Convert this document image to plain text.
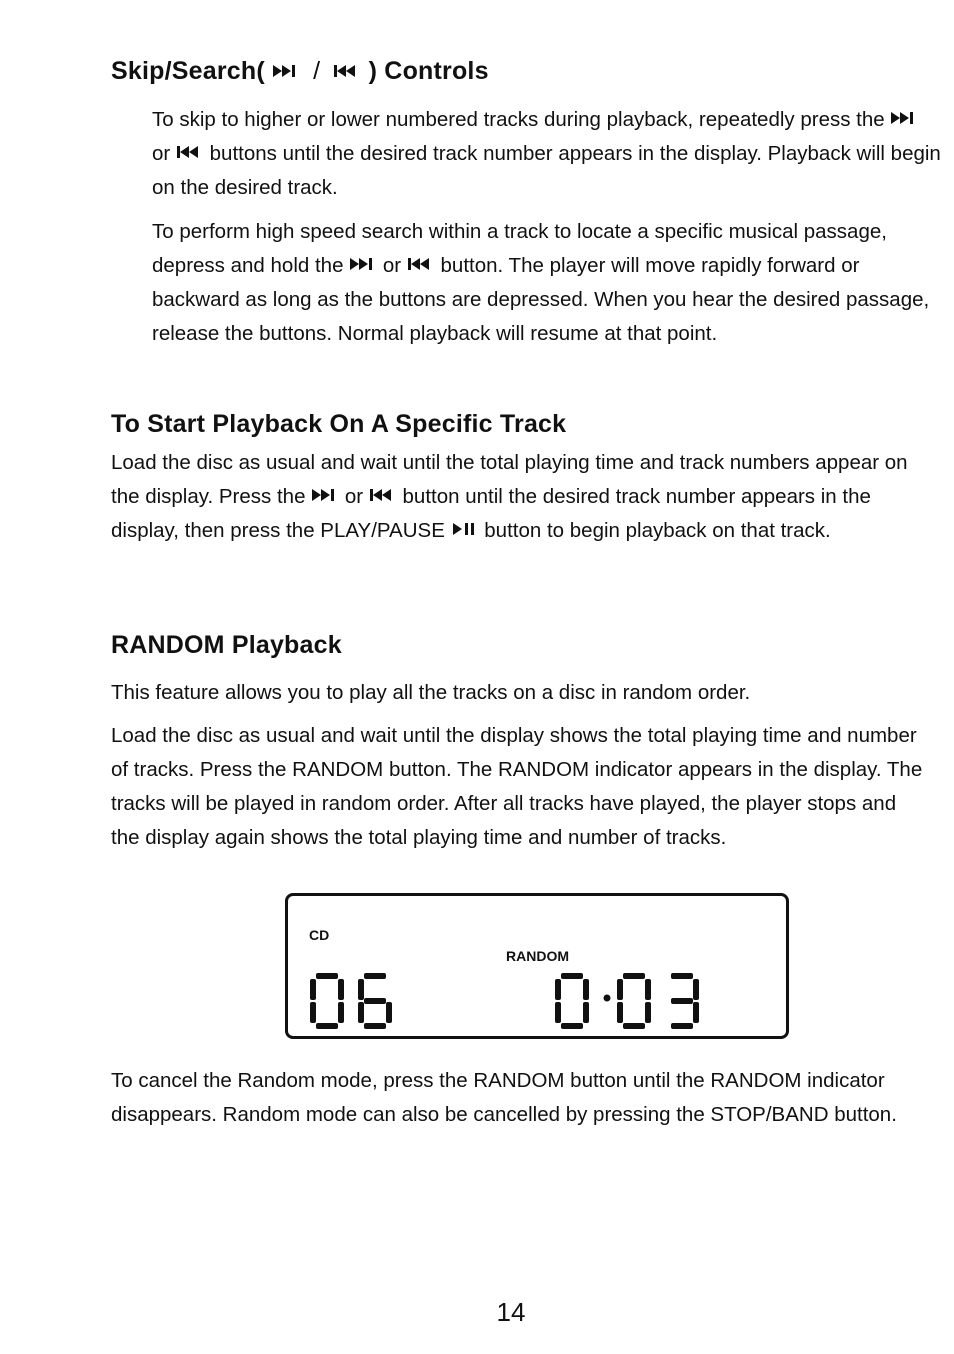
Skip/Search( / ) Controls

To skip to higher or lower numbered tracks during playback, repeatedly press the
or buttons until the desired track number appears in the display. Playback will begin on the desired track.

To perform high speed search within a track to locate a specific musical passage, depress and hold the or button. The player will move rapidly forward or backward as long as the buttons are depressed. When you hear the desired passage, release the buttons. Normal playback will resume at that point.

To Start Playback On A Specific Track

Load the disc as usual and wait until the total playing time and track numbers appear on the display. Press the or button until the desired track number appears in the display, then press the PLAY/PAUSE button to begin playback on that track.

RANDOM Playback

This feature allows you to play all the tracks on a disc in random order.

Load the disc as usual and wait until the display shows the total playing time and number of tracks. Press the RANDOM button. The RANDOM indicator appears in the display. The tracks will be played in random order. After all tracks have played, the player stops and the display again shows the total playing time and number of tracks.

CD
RANDOM

To cancel the Random mode, press the RANDOM button until the RANDOM indicator disappears. Random mode can also be cancelled by pressing the STOP/BAND button.

14
